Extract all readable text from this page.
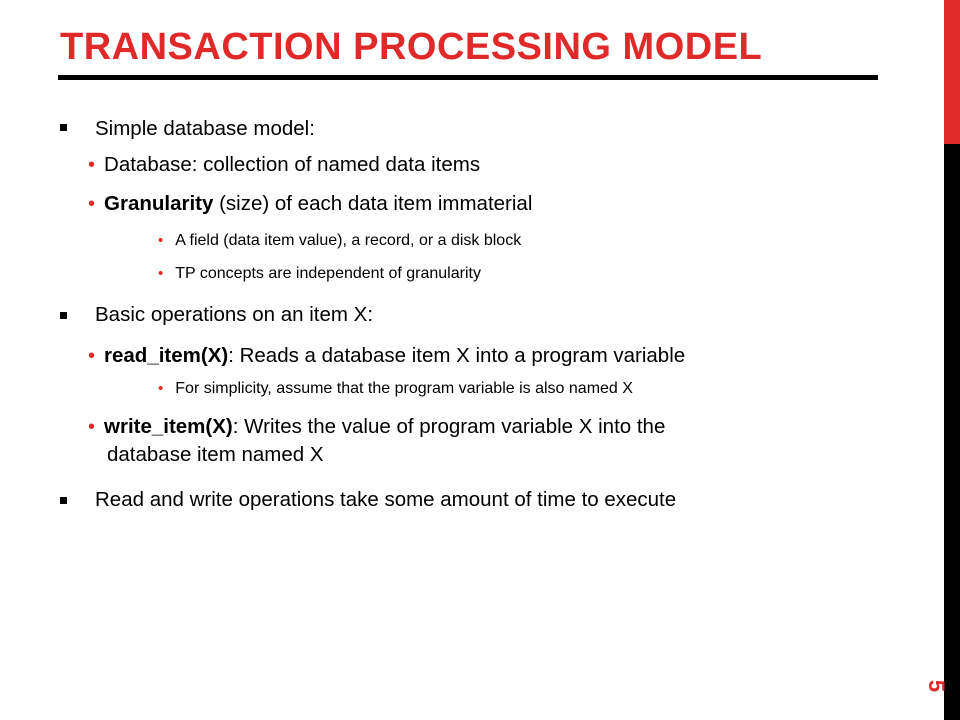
TRANSACTION PROCESSING MODEL
Simple database model:
• Database: collection of named data items
• Granularity (size) of each data item immaterial
• A field (data item value), a record, or a disk block
• TP concepts are independent of granularity
Basic operations on an item X:
• read_item(X): Reads a database item X into a program variable
• For simplicity, assume that the program variable is also named X
• write_item(X): Writes the value of program variable X into the
database item named X
Read and write operations take some amount of time to execute
5
